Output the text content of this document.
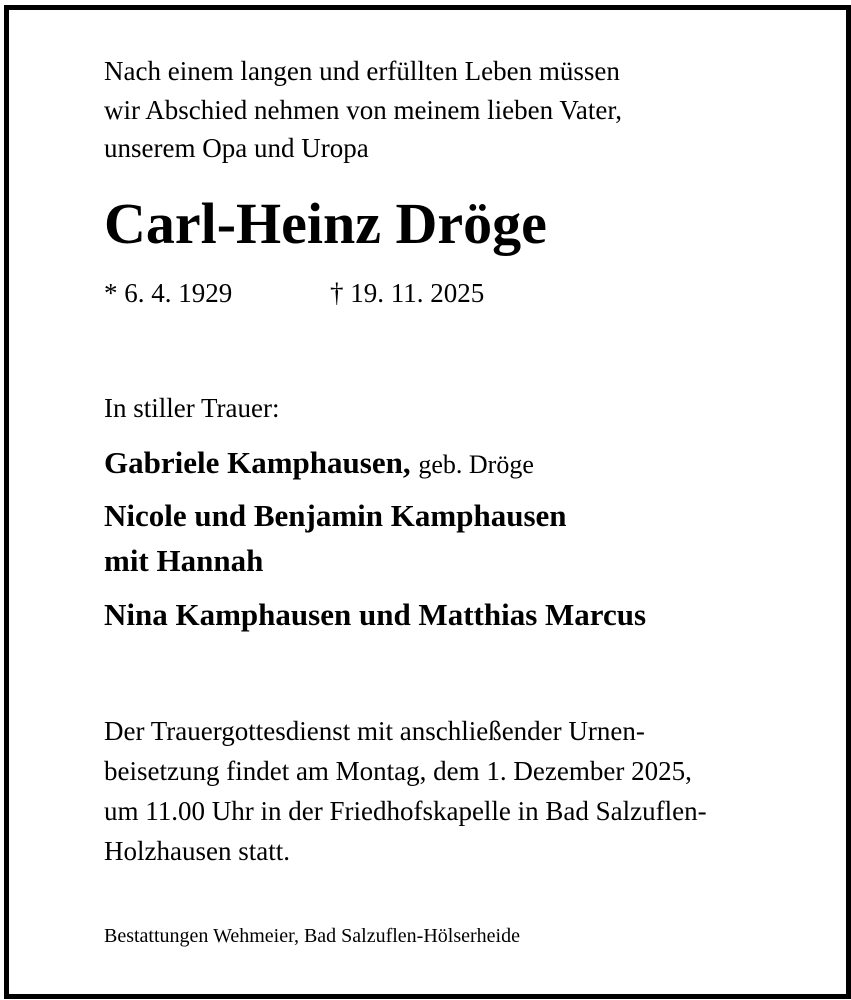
Nach einem langen und erfüllten Leben müssen
wir Abschied nehmen von meinem lieben Vater,
unserem Opa und Uropa
Carl-Heinz Dröge
* 6. 4. 1929	† 19. 11. 2025
In stiller Trauer:
Gabriele Kamphausen, geb. Dröge
Nicole und Benjamin Kamphausen
mit Hannah
Nina Kamphausen und Matthias Marcus
Der Trauergottesdienst mit anschließender Urnen-
beisetzung findet am Montag, dem 1. Dezember 2025,
um 11.00 Uhr in der Friedhofskapelle in Bad Salzuflen-
Holzhausen statt.
Bestattungen Wehmeier, Bad Salzuflen-Hölserheide
